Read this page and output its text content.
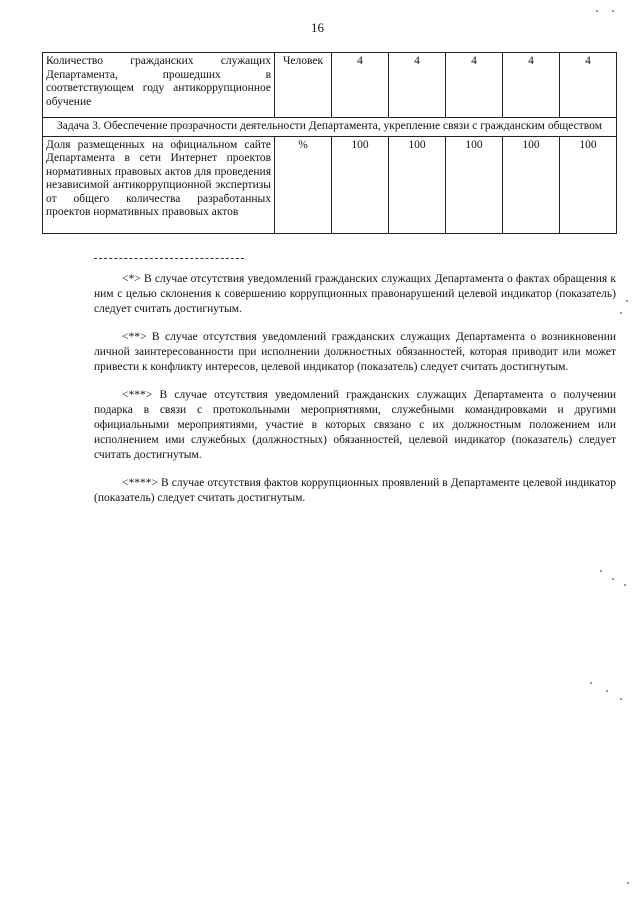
16
Количество гражданских служащих Департамента, прошедших в соответствующем году антикоррупционное обучение	Человек	4	4	4	4	4
Задача 3. Обеспечение прозрачности деятельности Департамента, укрепление связи с гражданским обществом						
Доля размещенных на официальном сайте Департамента в сети Интернет проектов нормативных правовых актов для проведения независимой антикоррупционной экспертизы от общего количества разработанных проектов нормативных правовых актов	%	100	100	100	100	100

<*> В случае отсутствия уведомлений гражданских служащих Департамента о фактах обращения к ним с целью склонения к совершению коррупционных правонарушений целевой индикатор (показатель) следует считать достигнутым.

<**> В случае отсутствия уведомлений гражданских служащих Департамента о возникновении личной заинтересованности при исполнении должностных обязанностей, которая приводит или может привести к конфликту интересов, целевой индикатор (показатель) следует считать достигнутым.

<***> В случае отсутствия уведомлений гражданских служащих Департамента о получении подарка в связи с протокольными мероприятиями, служебными командировками и другими официальными мероприятиями, участие в которых связано с их должностным положением или исполнением ими служебных (должностных) обязанностей, целевой индикатор (показатель) следует считать достигнутым.

<****> В случае отсутствия фактов коррупционных проявлений в Департаменте целевой индикатор (показатель) следует считать достигнутым.
